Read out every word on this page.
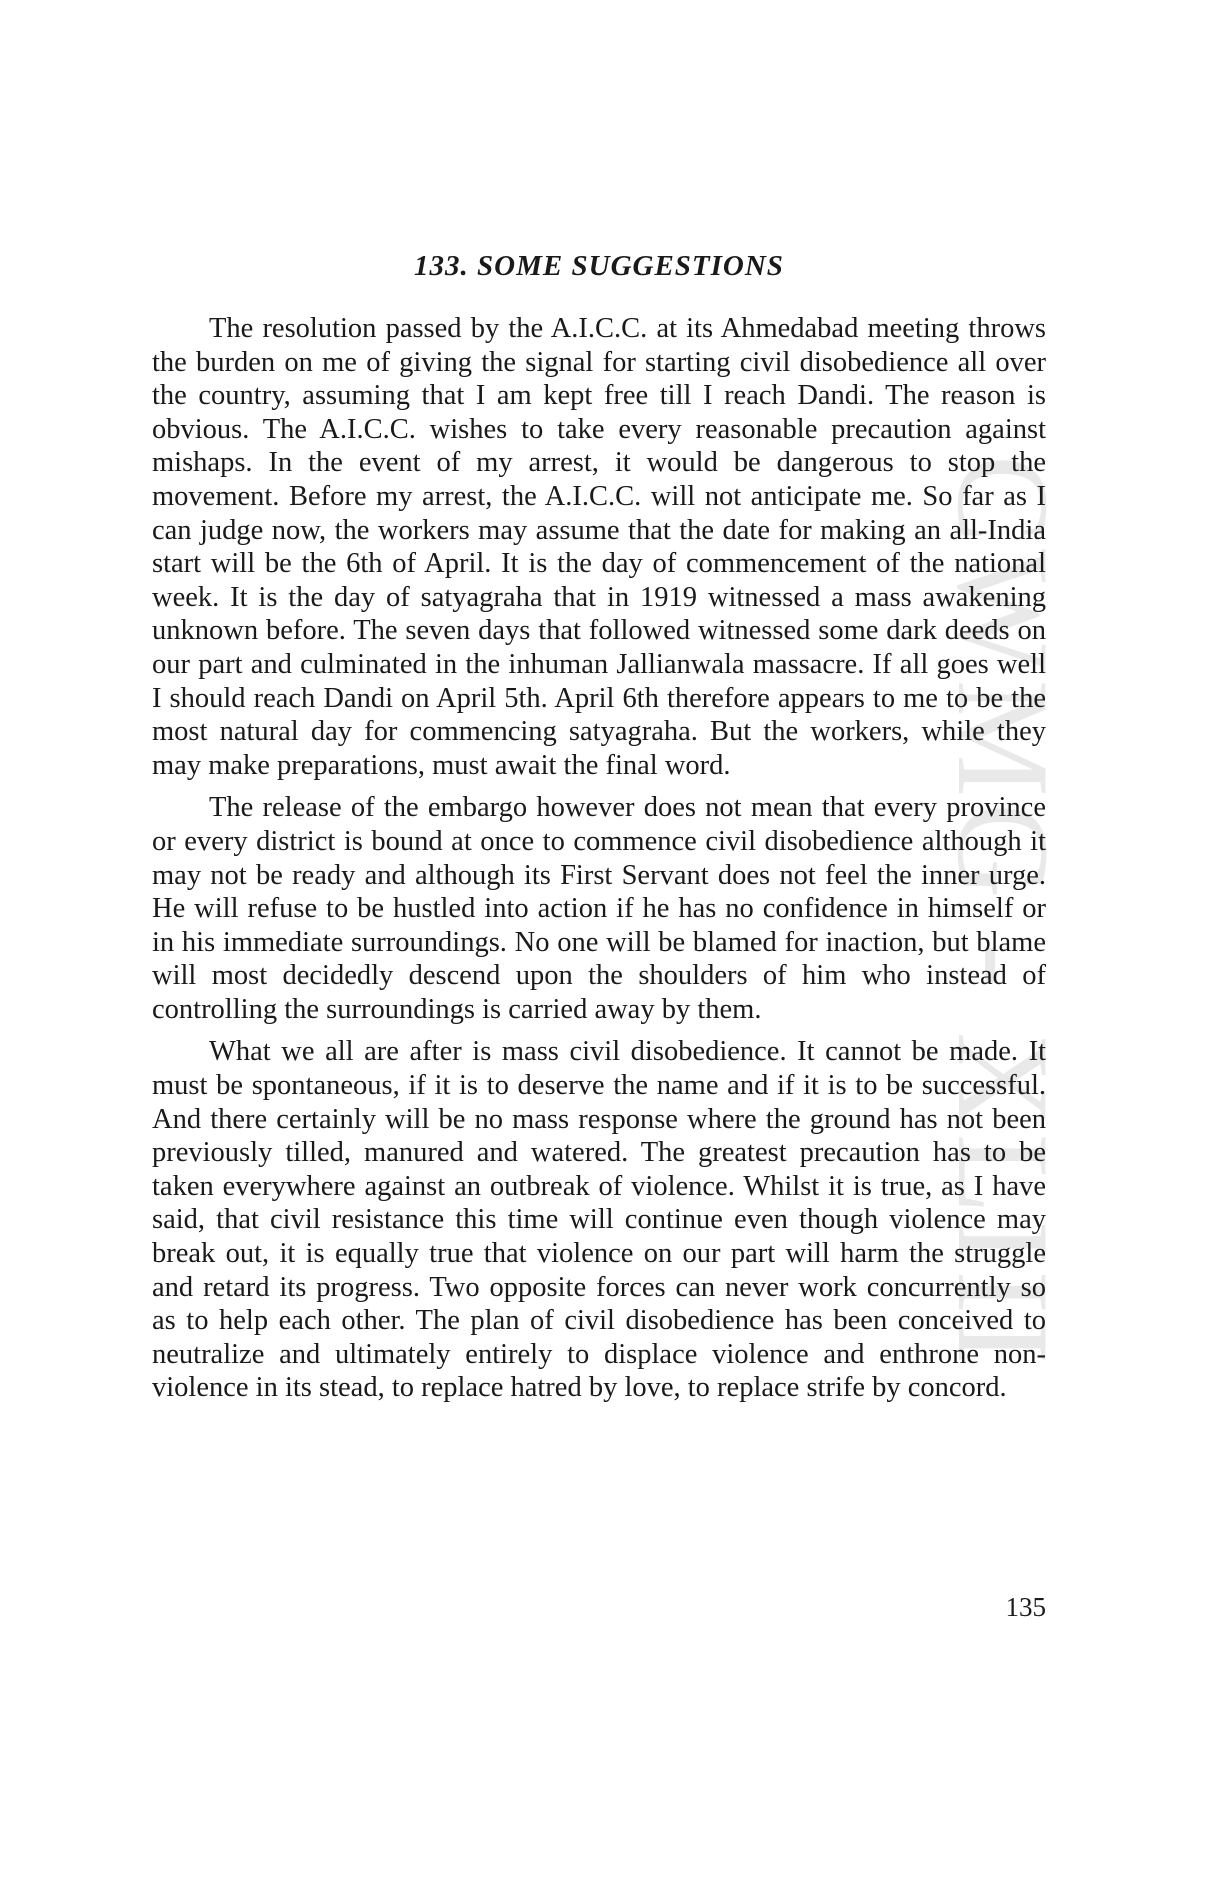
CWMG - XLIII
133. SOME SUGGESTIONS

The resolution passed by the A.I.C.C. at its Ahmedabad meeting throws the burden on me of giving the signal for starting civil disobedience all over the country, assuming that I am kept free till I reach Dandi. The reason is obvious. The A.I.C.C. wishes to take every reasonable precaution against mishaps. In the event of my arrest, it would be dangerous to stop the movement. Before my arrest, the A.I.C.C. will not anticipate me. So far as I can judge now, the workers may assume that the date for making an all-India start will be the 6th of April. It is the day of commencement of the national week. It is the day of satyagraha that in 1919 witnessed a mass awakening unknown before. The seven days that followed witnessed some dark deeds on our part and culminated in the inhuman Jallianwala massacre. If all goes well I should reach Dandi on April 5th. April 6th therefore appears to me to be the most natural day for commencing satyagraha. But the workers, while they may make preparations, must await the final word.

The release of the embargo however does not mean that every province or every district is bound at once to commence civil disobedience although it may not be ready and although its First Servant does not feel the inner urge. He will refuse to be hustled into action if he has no confidence in himself or in his immediate surroundings. No one will be blamed for inaction, but blame will most decidedly descend upon the shoulders of him who instead of controlling the surroundings is carried away by them.

What we all are after is mass civil disobedience. It cannot be made. It must be spontaneous, if it is to deserve the name and if it is to be successful. And there certainly will be no mass response where the ground has not been previously tilled, manured and watered. The greatest precaution has to be taken everywhere against an outbreak of violence. Whilst it is true, as I have said, that civil resistance this time will continue even though violence may break out, it is equally true that violence on our part will harm the struggle and retard its progress. Two opposite forces can never work concurrently so as to help each other. The plan of civil disobedience has been conceived to neutralize and ultimately entirely to displace violence and enthrone non-violence in its stead, to replace hatred by love, to replace strife by concord.

135
